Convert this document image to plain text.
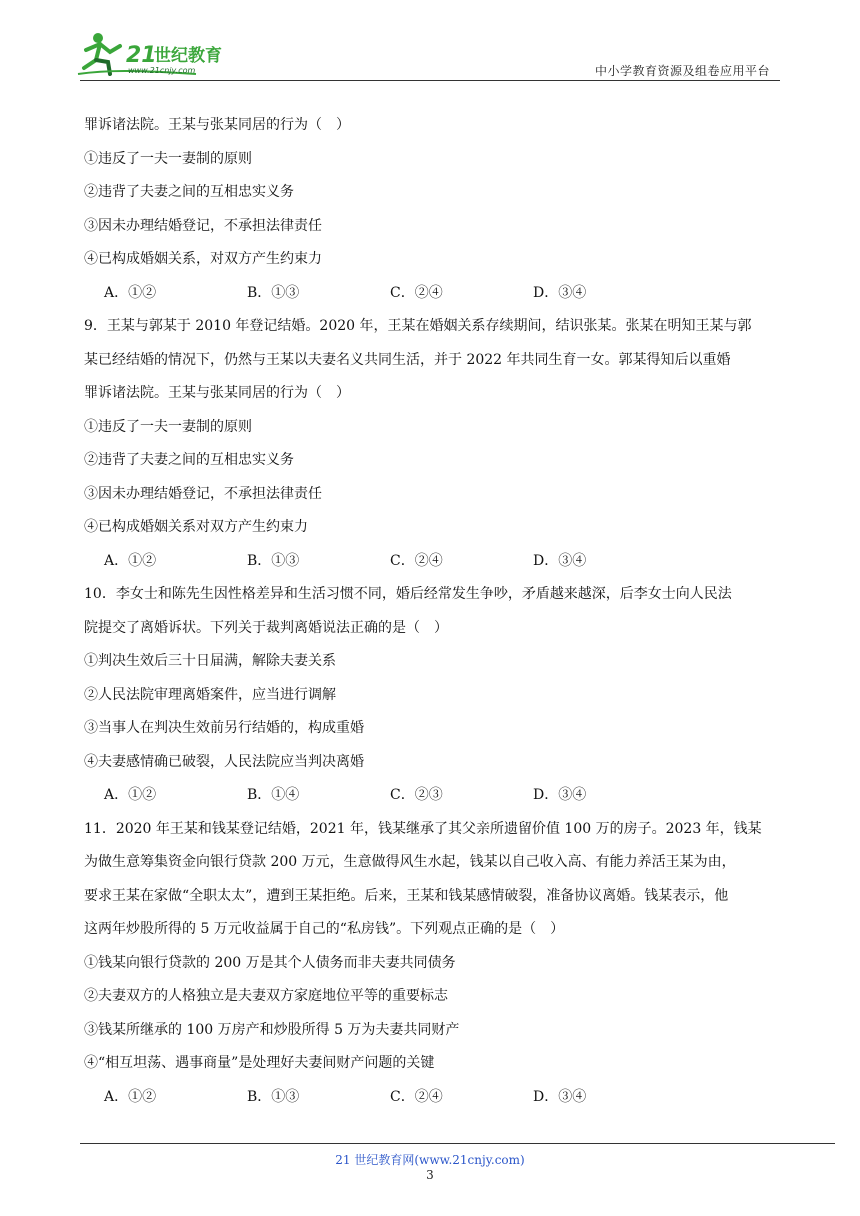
21
世纪教育
www.21cnjy.com	中小学教育资源及组卷应用平台

罪诉诸法院。王某与张某同居的行为（　）

①违反了一夫一妻制的原则

②违背了夫妻之间的互相忠实义务

③因未办理结婚登记，不承担法律责任

④已构成婚姻关系，对双方产生约束力

A．①②	B．①③	C．②④	D．③④

9．王某与郭某于 2010 年登记结婚。2020 年，王某在婚姻关系存续期间，结识张某。张某在明知王某与郭

某已经结婚的情况下，仍然与王某以夫妻名义共同生活，并于 2022 年共同生育一女。郭某得知后以重婚

罪诉诸法院。王某与张某同居的行为（　）

①违反了一夫一妻制的原则

②违背了夫妻之间的互相忠实义务

③因未办理结婚登记，不承担法律责任

④已构成婚姻关系对双方产生约束力

A．①②	B．①③	C．②④	D．③④

10．李女士和陈先生因性格差异和生活习惯不同，婚后经常发生争吵，矛盾越来越深，后李女士向人民法

院提交了离婚诉状。下列关于裁判离婚说法正确的是（　）

①判决生效后三十日届满，解除夫妻关系

②人民法院审理离婚案件，应当进行调解

③当事人在判决生效前另行结婚的，构成重婚

④夫妻感情确已破裂，人民法院应当判决离婚

A．①②	B．①④	C．②③	D．③④

11．2020 年王某和钱某登记结婚，2021 年，钱某继承了其父亲所遗留价值 100 万的房子。2023 年，钱某

为做生意筹集资金向银行贷款 200 万元，生意做得风生水起，钱某以自己收入高、有能力养活王某为由，

要求王某在家做“全职太太”，遭到王某拒绝。后来，王某和钱某感情破裂，准备协议离婚。钱某表示，他

这两年炒股所得的 5 万元收益属于自己的“私房钱”。下列观点正确的是（　）

①钱某向银行贷款的 200 万是其个人债务而非夫妻共同债务

②夫妻双方的人格独立是夫妻双方家庭地位平等的重要标志

③钱某所继承的 100 万房产和炒股所得 5 万为夫妻共同财产

④“相互坦荡、遇事商量”是处理好夫妻间财产问题的关键

A．①②	B．①③	C．②④	D．③④
21 世纪教育网(www.21cnjy.com)
3
